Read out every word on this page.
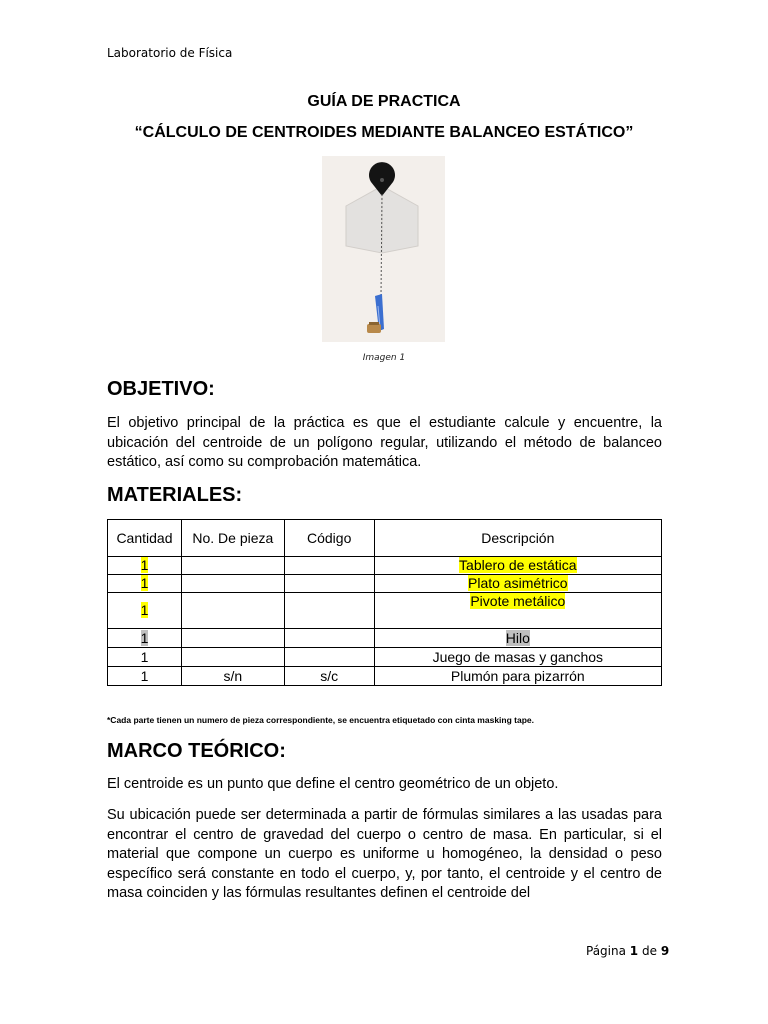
Laboratorio de Física
GUÍA DE PRACTICA
“CÁLCULO DE CENTROIDES MEDIANTE BALANCEO ESTÁTICO”
Imagen 1
OBJETIVO:
El objetivo principal de la práctica es que el estudiante calcule y encuentre, la ubicación del centroide de un polígono regular, utilizando el método de balanceo estático, así como su comprobación matemática.
MATERIALES:
Cantidad	No. De pieza	Código	Descripción
1			Tablero de estática
1			Plato asimétrico
1			Pivote metálico
1			Hilo
1			Juego de masas y ganchos
1	s/n	s/c	Plumón para pizarrón
*Cada parte tienen un numero de pieza correspondiente, se encuentra etiquetado con cinta masking tape.
MARCO TEÓRICO:
El centroide es un punto que define el centro geométrico de un objeto.
Su ubicación puede ser determinada a partir de fórmulas similares a las usadas para encontrar el centro de gravedad del cuerpo o centro de masa. En particular, si el material que compone un cuerpo es uniforme u homogéneo, la densidad o peso específico será constante en todo el cuerpo, y, por tanto, el centroide y el centro de masa coinciden y las fórmulas resultantes definen el centroide del
Página 1 de 9
